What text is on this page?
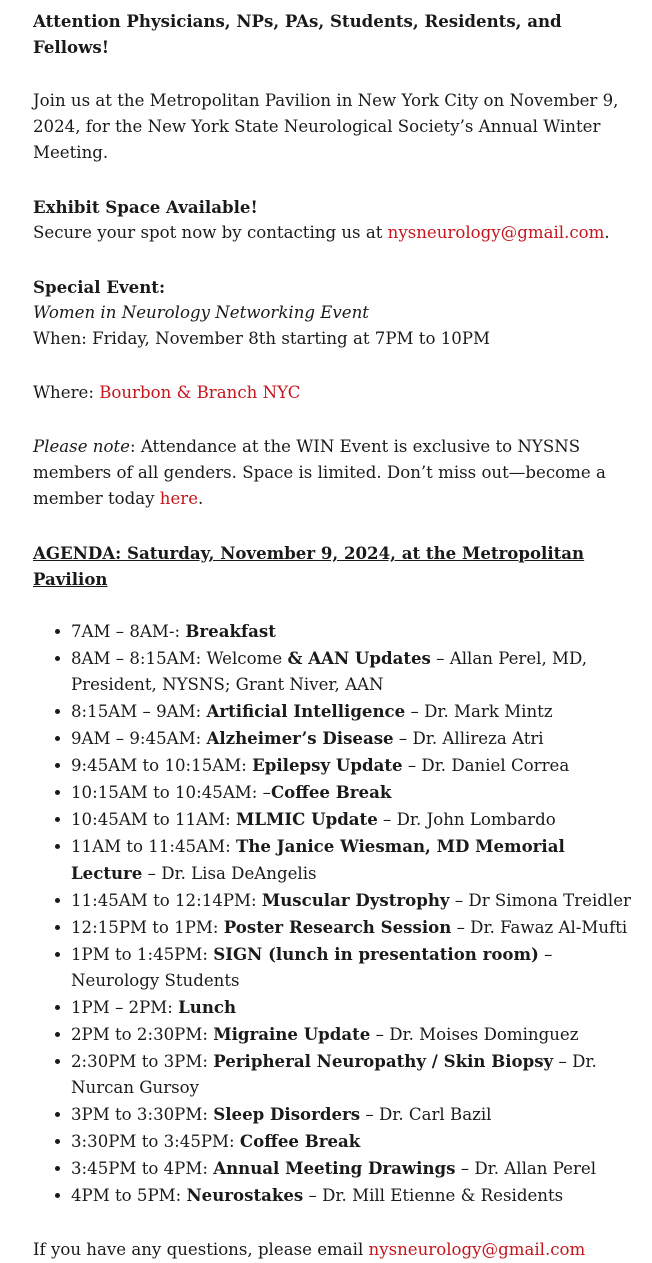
Attention Physicians, NPs, PAs, Students, Residents, and Fellows!

Join us at the Metropolitan Pavilion in New York City on November 9, 2024, for the New York State Neurological Society’s Annual Winter Meeting.

Exhibit Space Available!

Secure your spot now by contacting us at nysneurology@gmail.com.

Special Event:

Women in Neurology Networking Event

When: Friday, November 8th starting at 7PM to 10PM

Where: Bourbon & Branch NYC

Please note: Attendance at the WIN Event is exclusive to NYSNS members of all genders. Space is limited. Don’t miss out—become a member today here.

AGENDA: Saturday, November 9, 2024, at the Metropolitan Pavilion

7AM – 8AM-: Breakfast
8AM – 8:15AM: Welcome & AAN Updates – Allan Perel, MD, President, NYSNS; Grant Niver, AAN
8:15AM – 9AM: Artificial Intelligence – Dr. Mark Mintz
9AM – 9:45AM: Alzheimer’s Disease – Dr. Allireza Atri
9:45AM to 10:15AM: Epilepsy Update – Dr. Daniel Correa
10:15AM to 10:45AM: –Coffee Break
10:45AM to 11AM: MLMIC Update – Dr. John Lombardo
11AM to 11:45AM: The Janice Wiesman, MD Memorial Lecture – Dr. Lisa DeAngelis
11:45AM to 12:14PM: Muscular Dystrophy – Dr Simona Treidler
12:15PM to 1PM: Poster Research Session – Dr. Fawaz Al-Mufti
1PM to 1:45PM: SIGN (lunch in presentation room) – Neurology Students
1PM – 2PM: Lunch
2PM to 2:30PM: Migraine Update – Dr. Moises Dominguez
2:30PM to 3PM: Peripheral Neuropathy / Skin Biopsy – Dr. Nurcan Gursoy
3PM to 3:30PM: Sleep Disorders – Dr. Carl Bazil
3:30PM to 3:45PM: Coffee Break
3:45PM to 4PM: Annual Meeting Drawings – Dr. Allan Perel
4PM to 5PM: Neurostakes – Dr. Mill Etienne & Residents

If you have any questions, please email nysneurology@gmail.com
